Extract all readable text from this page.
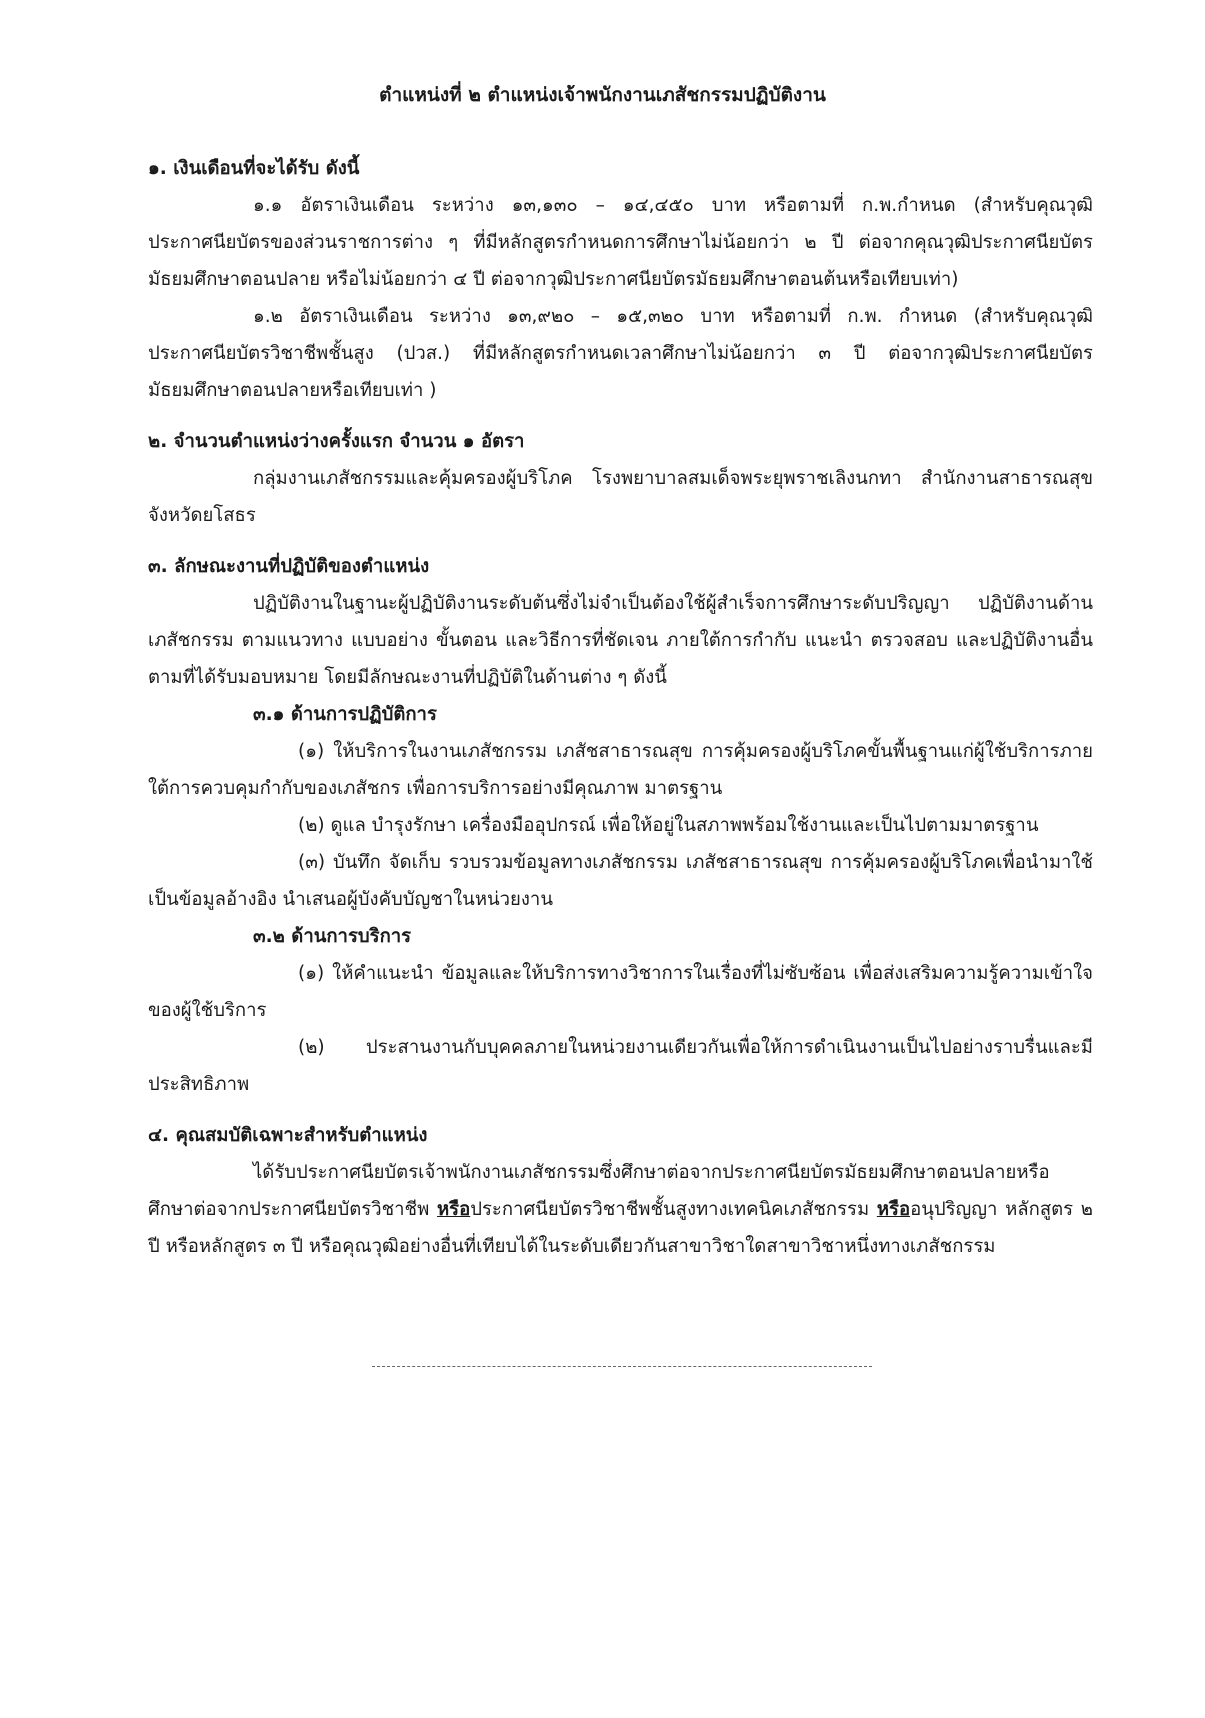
ตำแหน่งที่ ๒ ตำแหน่งเจ้าพนักงานเภสัชกรรมปฏิบัติงาน

๑. เงินเดือนที่จะได้รับ ดังนี้

๑.๑ อัตราเงินเดือน ระหว่าง ๑๓,๑๓๐ – ๑๔,๔๕๐ บาท หรือตามที่ ก.พ.กำหนด (สำหรับคุณวุฒิประกาศนียบัตรของส่วนราชการต่าง ๆ ที่มีหลักสูตรกำหนดการศึกษาไม่น้อยกว่า ๒ ปี ต่อจากคุณวุฒิประกาศนียบัตรมัธยมศึกษาตอนปลาย หรือไม่น้อยกว่า ๔ ปี ต่อจากวุฒิประกาศนียบัตรมัธยมศึกษาตอนต้นหรือเทียบเท่า)

๑.๒ อัตราเงินเดือน ระหว่าง ๑๓,๙๒๐ – ๑๕,๓๒๐ บาท หรือตามที่ ก.พ. กำหนด (สำหรับคุณวุฒิประกาศนียบัตรวิชาชีพชั้นสูง (ปวส.) ที่มีหลักสูตรกำหนดเวลาศึกษาไม่น้อยกว่า ๓ ปี ต่อจากวุฒิประกาศนียบัตรมัธยมศึกษาตอนปลายหรือเทียบเท่า )

๒. จำนวนตำแหน่งว่างครั้งแรก จำนวน ๑ อัตรา

กลุ่มงานเภสัชกรรมและคุ้มครองผู้บริโภค โรงพยาบาลสมเด็จพระยุพราชเลิงนกทา สำนักงานสาธารณสุขจังหวัดยโสธร

๓. ลักษณะงานที่ปฏิบัติของตำแหน่ง

ปฏิบัติงานในฐานะผู้ปฏิบัติงานระดับต้นซึ่งไม่จำเป็นต้องใช้ผู้สำเร็จการศึกษาระดับปริญญา ปฏิบัติงานด้านเภสัชกรรม ตามแนวทาง แบบอย่าง ขั้นตอน และวิธีการที่ชัดเจน ภายใต้การกำกับ แนะนำ ตรวจสอบ และปฏิบัติงานอื่นตามที่ได้รับมอบหมาย โดยมีลักษณะงานที่ปฏิบัติในด้านต่าง ๆ ดังนี้

๓.๑ ด้านการปฏิบัติการ

(๑) ให้บริการในงานเภสัชกรรม เภสัชสาธารณสุข การคุ้มครองผู้บริโภคขั้นพื้นฐานแก่ผู้ใช้บริการภายใต้การควบคุมกำกับของเภสัชกร เพื่อการบริการอย่างมีคุณภาพ มาตรฐาน

(๒) ดูแล บำรุงรักษา เครื่องมืออุปกรณ์ เพื่อให้อยู่ในสภาพพร้อมใช้งานและเป็นไปตามมาตรฐาน

(๓) บันทึก จัดเก็บ รวบรวมข้อมูลทางเภสัชกรรม เภสัชสาธารณสุข การคุ้มครองผู้บริโภคเพื่อนำมาใช้เป็นข้อมูลอ้างอิง นำเสนอผู้บังคับบัญชาในหน่วยงาน

๓.๒ ด้านการบริการ

(๑) ให้คำแนะนำ ข้อมูลและให้บริการทางวิชาการในเรื่องที่ไม่ซับซ้อน เพื่อส่งเสริมความรู้ความเข้าใจของผู้ใช้บริการ

(๒) ประสานงานกับบุคคลภายในหน่วยงานเดียวกันเพื่อให้การดำเนินงานเป็นไปอย่างราบรื่นและมีประสิทธิภาพ

๔. คุณสมบัติเฉพาะสำหรับตำแหน่ง

ได้รับประกาศนียบัตรเจ้าพนักงานเภสัชกรรมซึ่งศึกษาต่อจากประกาศนียบัตรมัธยมศึกษาตอนปลายหรือศึกษาต่อจากประกาศนียบัตรวิชาชีพ หรือประกาศนียบัตรวิชาชีพชั้นสูงทางเทคนิคเภสัชกรรม หรืออนุปริญญา หลักสูตร ๒ ปี หรือหลักสูตร ๓ ปี หรือคุณวุฒิอย่างอื่นที่เทียบได้ในระดับเดียวกันสาขาวิชาใดสาขาวิชาหนึ่งทางเภสัชกรรม
